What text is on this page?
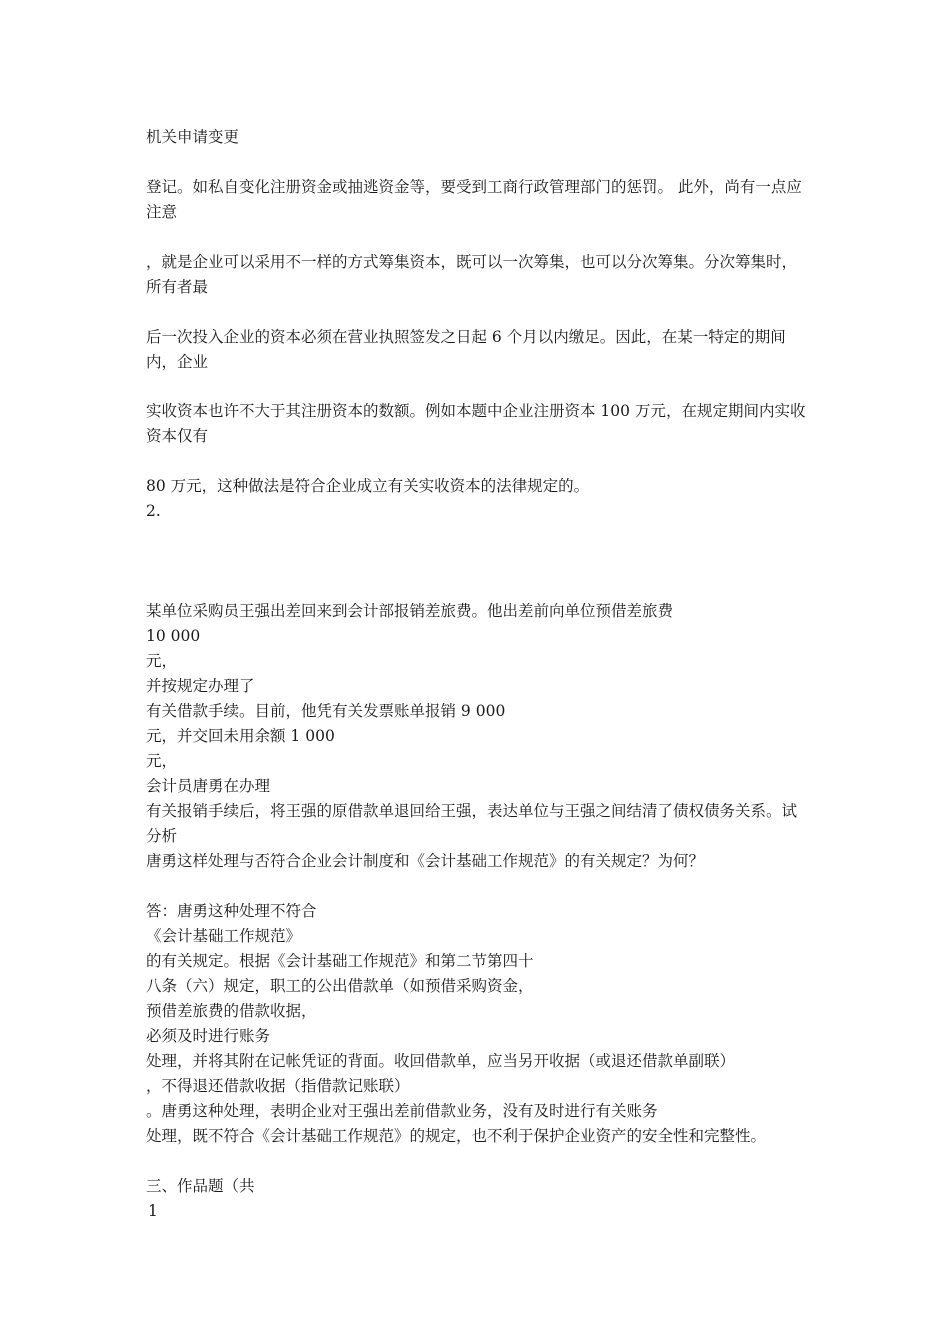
机关申请变更
登记。如私自变化注册资金或抽逃资金等，要受到工商行政管理部门的惩罚。 此外，尚有一点应注意
，就是企业可以采用不一样的方式筹集资本，既可以一次筹集，也可以分次筹集。分次筹集时，所有者最
后一次投入企业的资本必须在营业执照签发之日起 6 个月以内缴足。因此，在某一特定的期间内，企业
实收资本也许不大于其注册资本的数额。例如本题中企业注册资本 100 万元，在规定期间内实收资本仅有
80 万元，这种做法是符合企业成立有关实收资本的法律规定的。
2.
某单位采购员王强出差回来到会计部报销差旅费。他出差前向单位预借差旅费
10 000
元，
并按规定办理了
有关借款手续。目前，他凭有关发票账单报销 9 000
元，并交回未用余额 1 000
元，
会计员唐勇在办理
有关报销手续后，将王强的原借款单退回给王强，表达单位与王强之间结清了债权债务关系。试分析
唐勇这样处理与否符合企业会计制度和《会计基础工作规范》的有关规定？为何？
答：唐勇这种处理不符合
《会计基础工作规范》
的有关规定。根据《会计基础工作规范》和第二节第四十
八条（六）规定，职工的公出借款单（如预借采购资金，
预借差旅费的借款收据，
必须及时进行账务
处理，并将其附在记帐凭证的背面。收回借款单，应当另开收据（或退还借款单副联）
，不得退还借款收据（指借款记账联）
。唐勇这种处理，表明企业对王强出差前借款业务，没有及时进行有关账务
处理，既不符合《会计基础工作规范》的规定，也不利于保护企业资产的安全性和完整性。
三、作品题（共
1
